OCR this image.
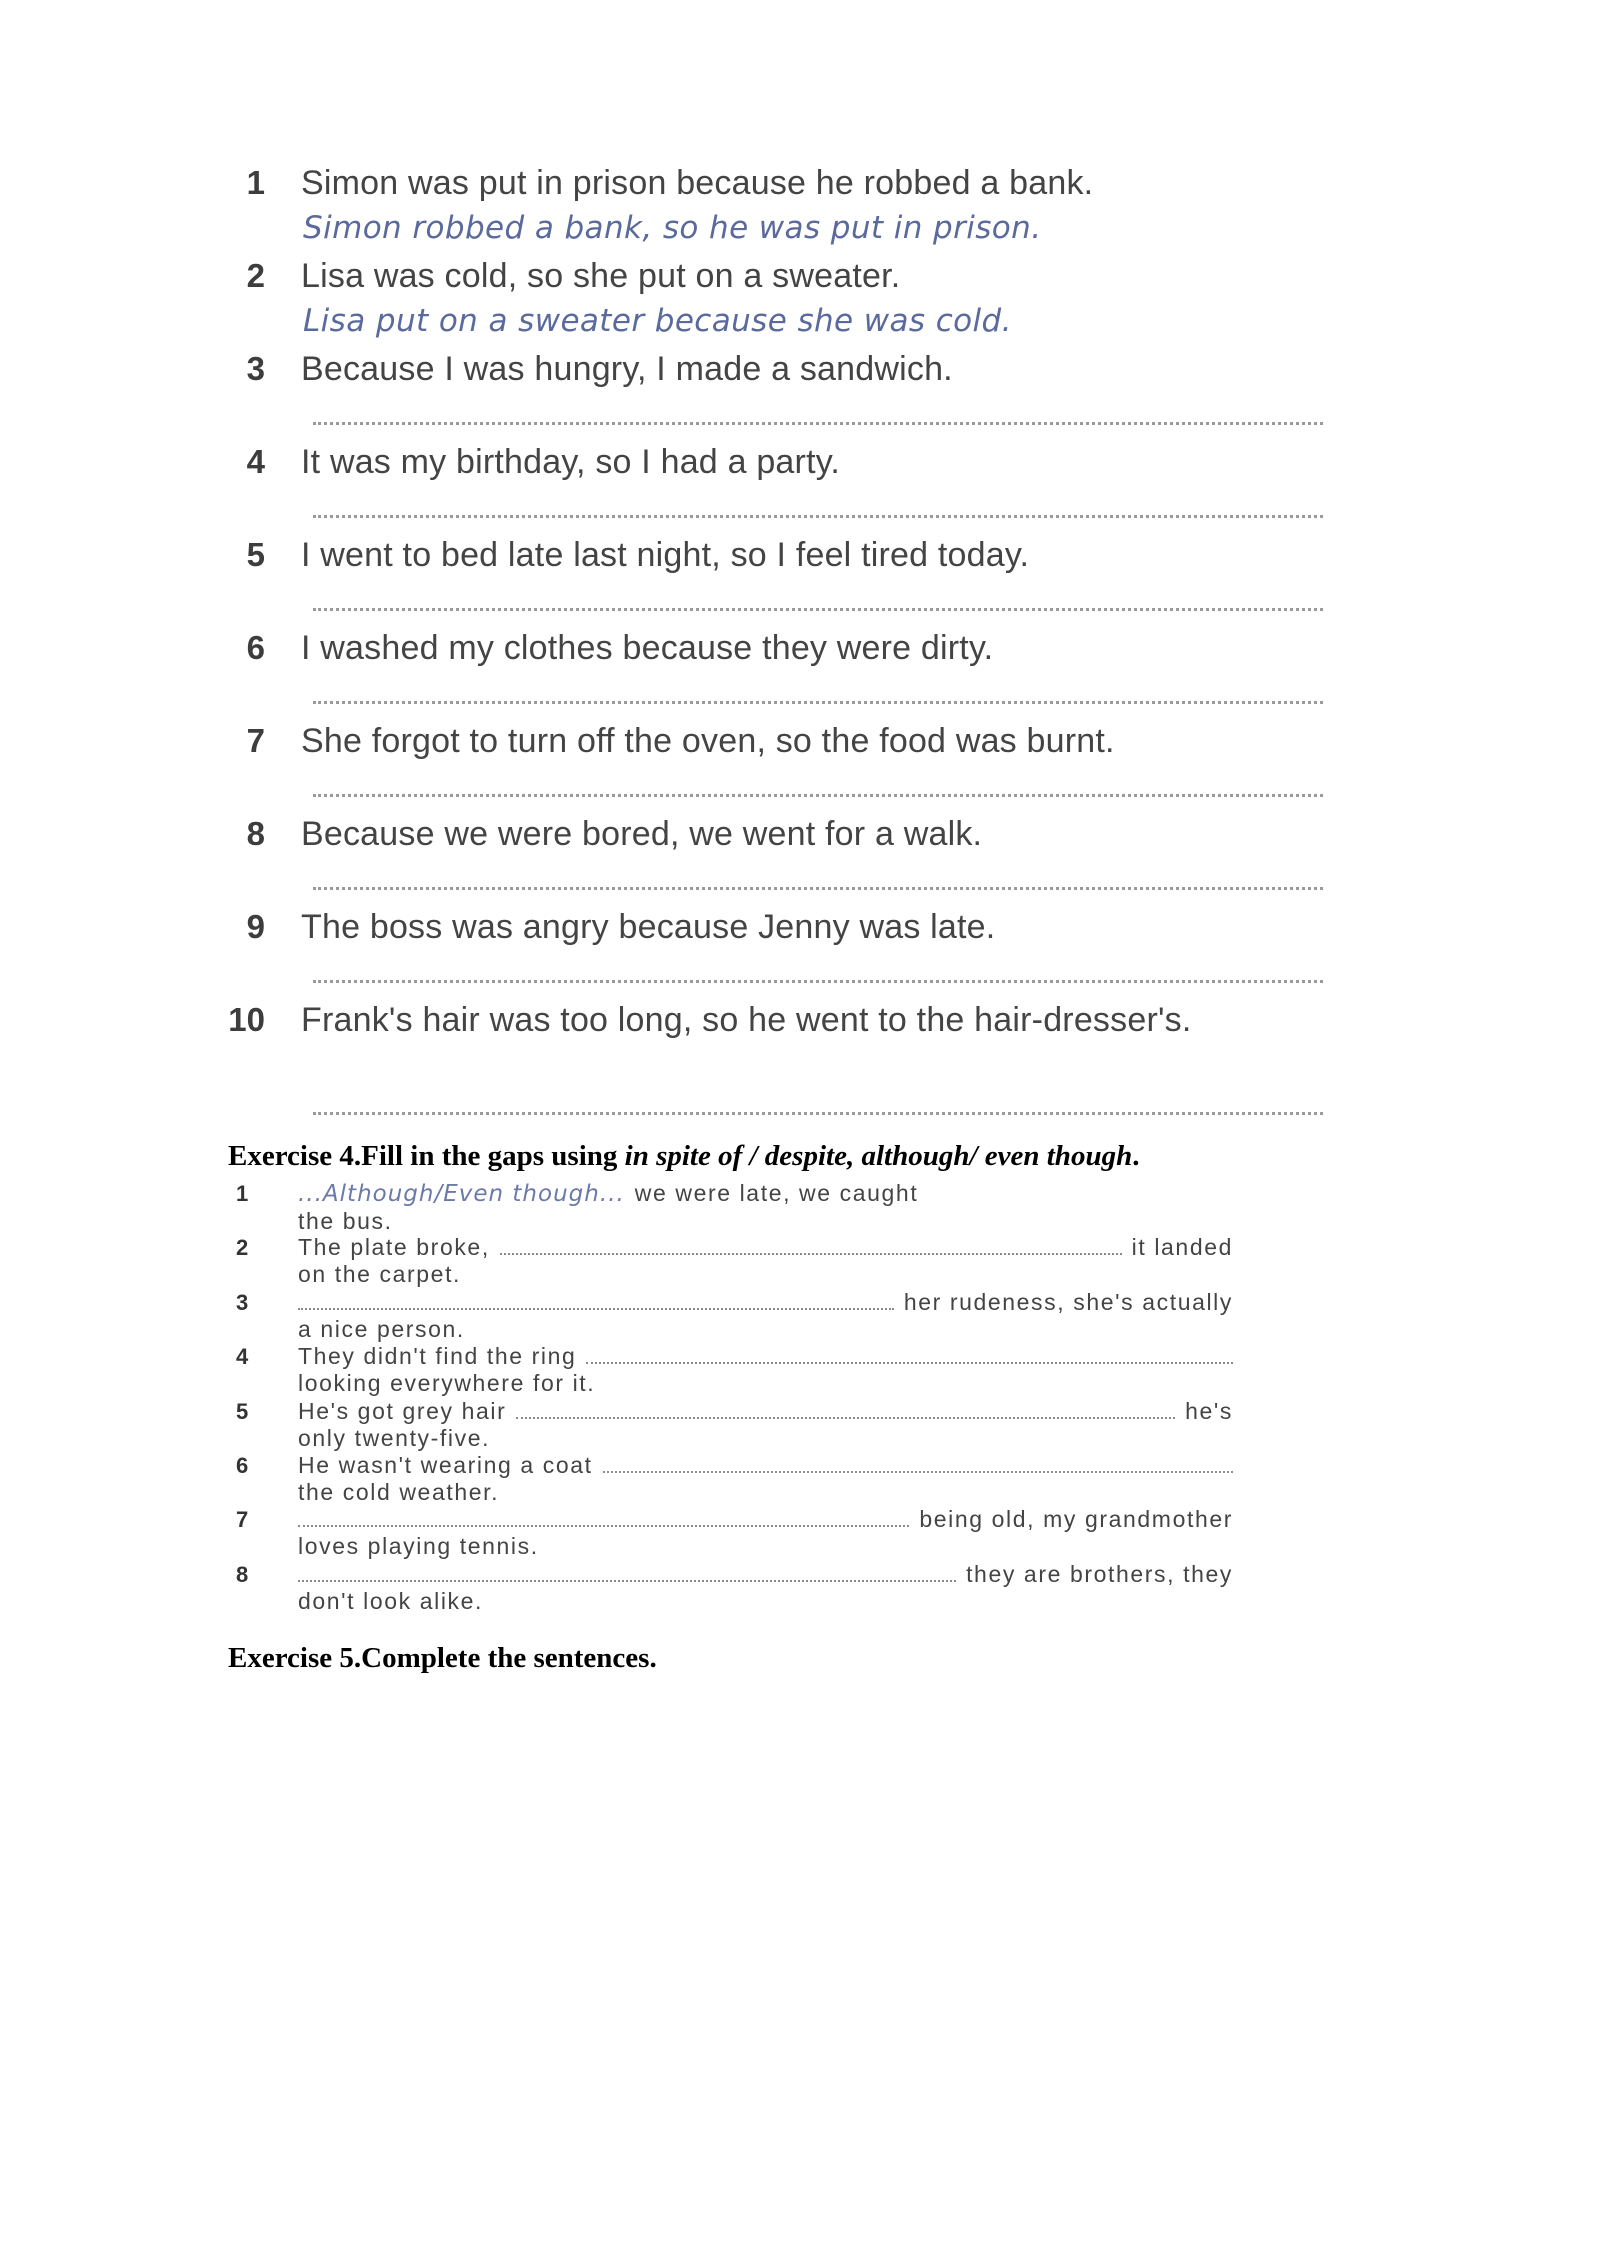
1 Simon was put in prison because he robbed a bank.
Simon robbed a bank, so he was put in prison.
2 Lisa was cold, so she put on a sweater.
Lisa put on a sweater because she was cold.
3 Because I was hungry, I made a sandwich.
4 It was my birthday, so I had a party.
5 I went to bed late last night, so I feel tired today.
6 I washed my clothes because they were dirty.
7 She forgot to turn off the oven, so the food was burnt.
8 Because we were bored, we went for a walk.
9 The boss was angry because Jenny was late.
10 Frank's hair was too long, so he went to the hair-dresser's.
Exercise 4.Fill in the gaps using in spite of / despite, although/ even though.
1	...Although/Even though... we were late, we caught
the bus.
2	The plate broke,	it landed
on the carpet.
3	her rudeness, she's actually
a nice person.
4	They didn't find the ring
looking everywhere for it.
5	He's got grey hair	he's
only twenty-five.
6	He wasn't wearing a coat
the cold weather.
7	being old, my grandmother
loves playing tennis.
8	they are brothers, they
don't look alike.
Exercise 5.Complete the sentences.
